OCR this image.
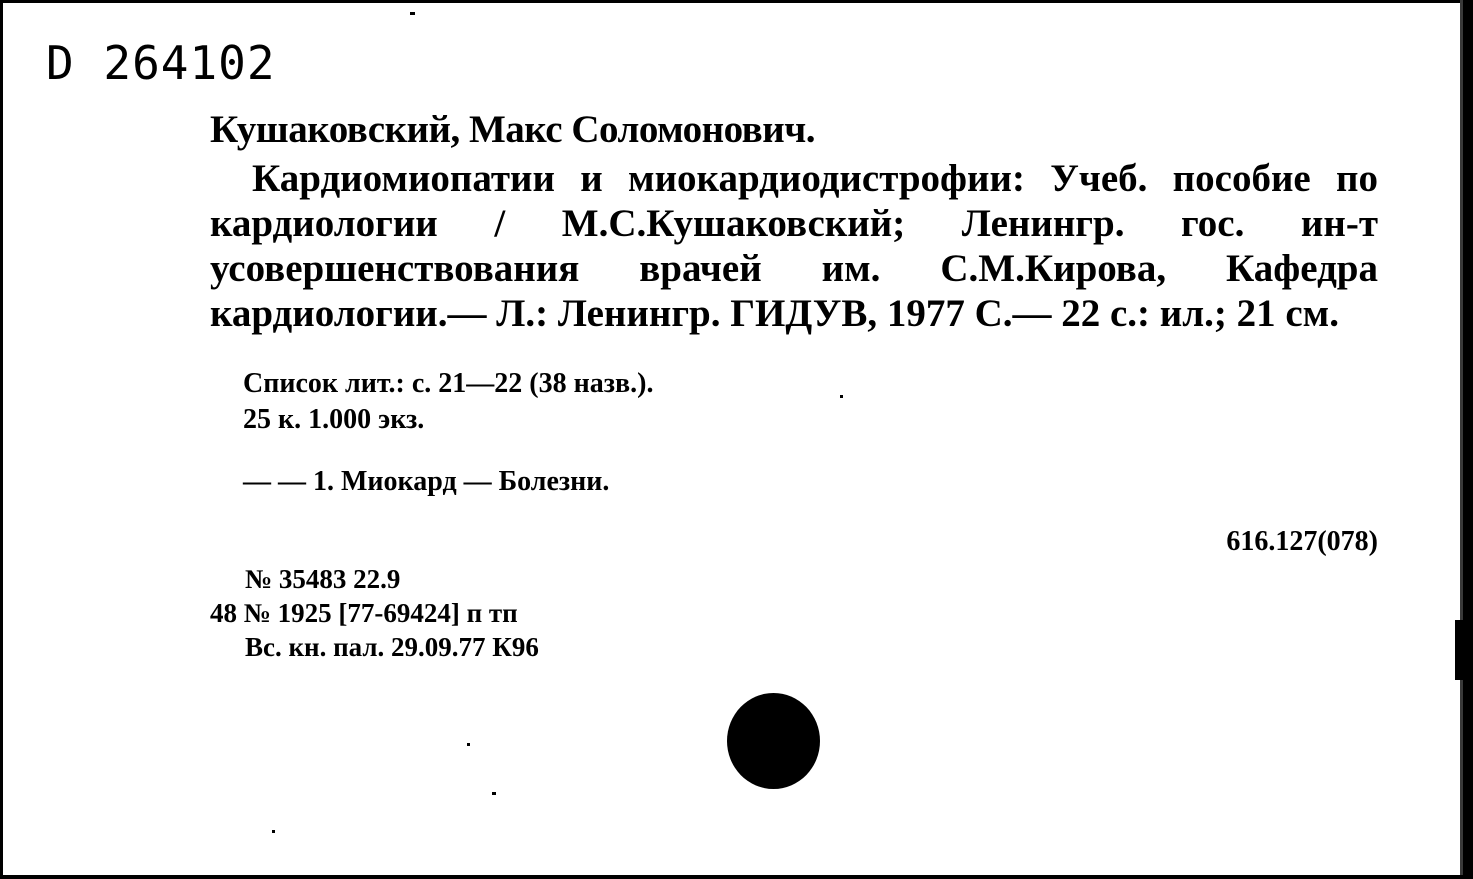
D 264102
Кушаковский, Макс Соломонович.

Кардиомиопатии и миокардиодистрофии: Учеб. пособие по кардиологии / М.С.Кушаковский; Ленингр. гос. ин-т усовершенствования врачей им. С.М.Кирова, Кафедра кардиологии.— Л.: Ленингр. ГИДУВ, 1977 С.— 22 с.: ил.; 21 см.

Список лит.: с. 21—22 (38 назв.).
25 к. 1.000 экз.
— — 1. Миокард — Болезни.
616.127(078)
№ 35483 22.9
48 № 1925 [77-69424] п тп
Вс. кн. пал. 29.09.77 К96
